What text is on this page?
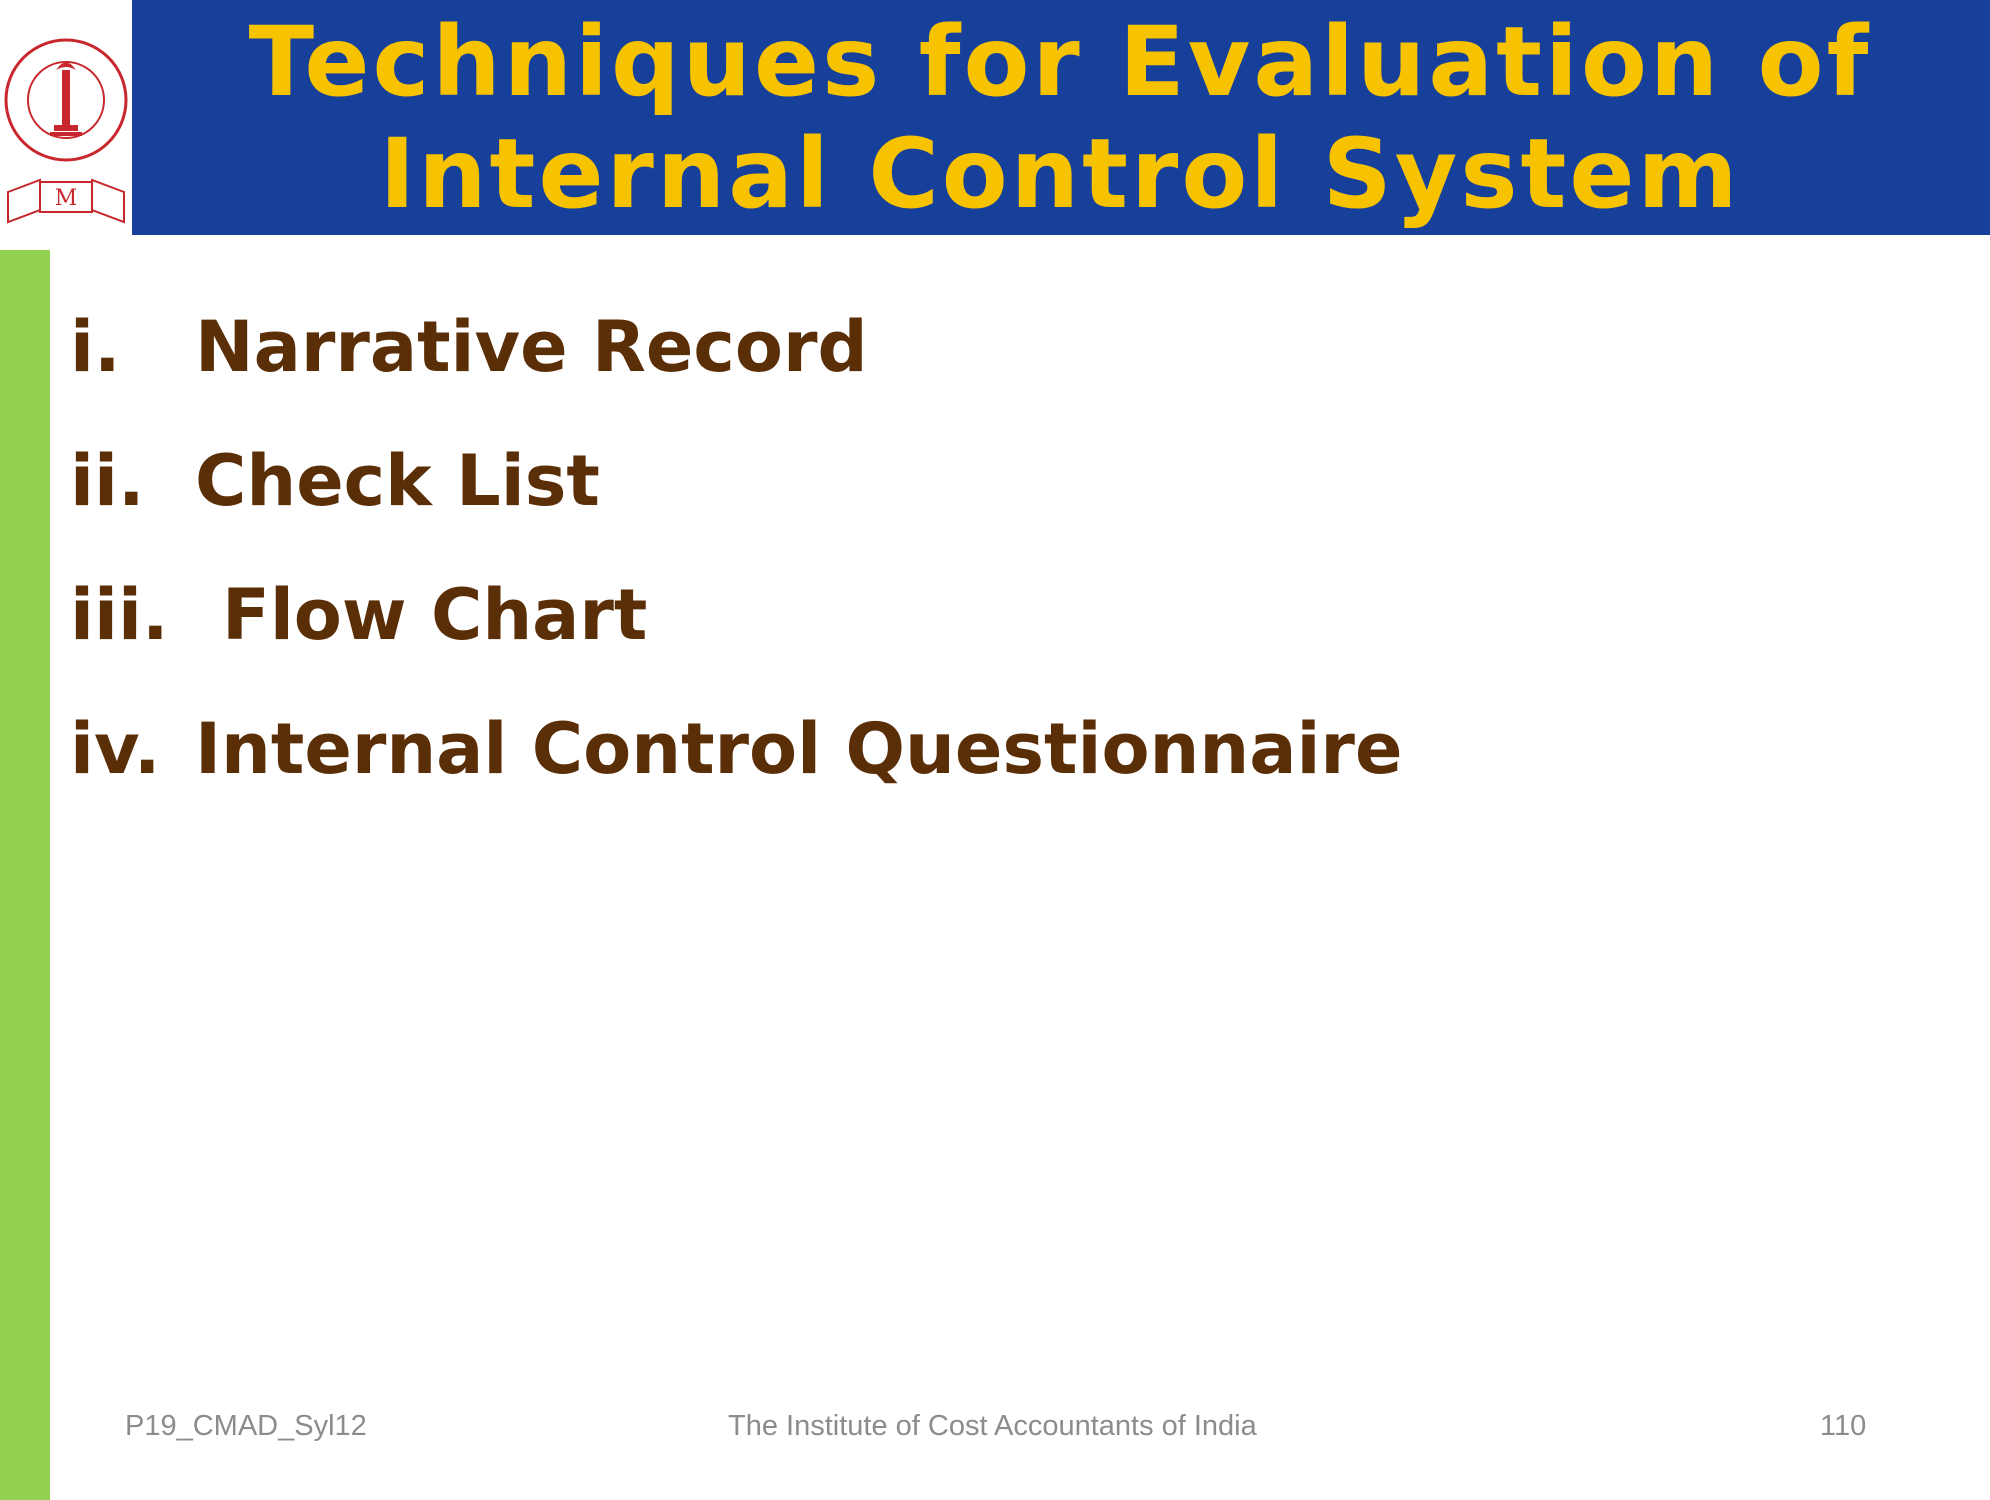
M
Techniques for Evaluation of
Internal Control System
i.	Narrative Record
ii. Check List
iii. Flow Chart
iv. Internal Control Questionnaire
P19_CMAD_Syl12	The Institute of Cost Accountants of India	110
